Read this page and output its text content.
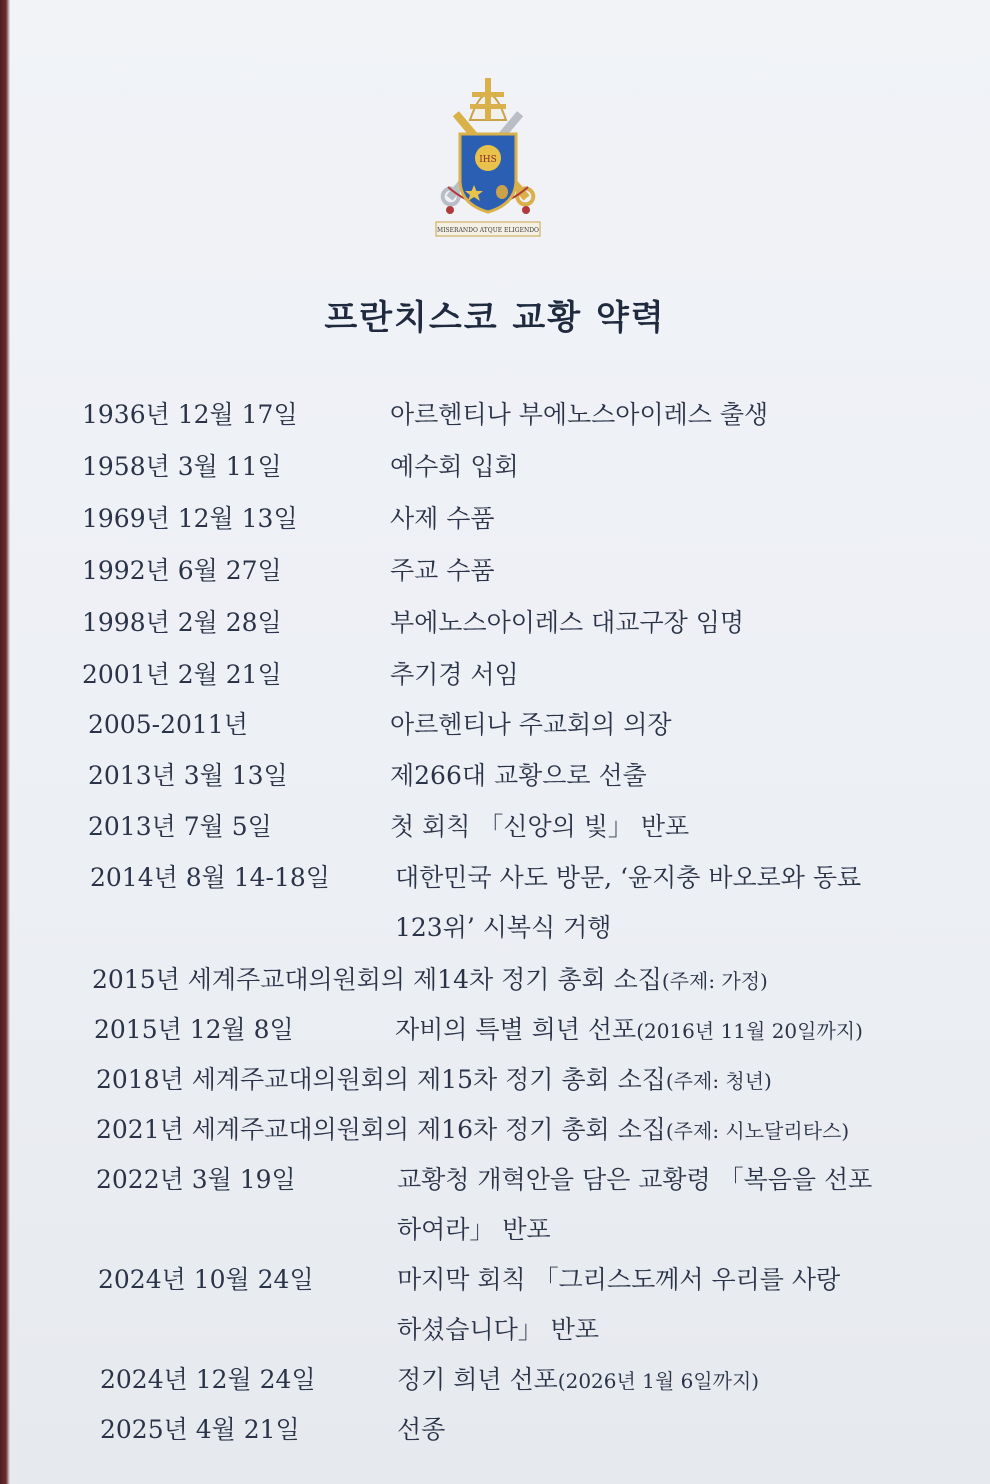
IHS
MISERANDO ATQUE ELIGENDO
프란치스코 교황 약력
1936년 12월 17일	아르헨티나 부에노스아이레스 출생
1958년 3월 11일	예수회 입회
1969년 12월 13일	사제 수품
1992년 6월 27일	주교 수품
1998년 2월 28일	부에노스아이레스 대교구장 임명
2001년 2월 21일	추기경 서임
2005-2011년	아르헨티나 주교회의 의장
2013년 3월 13일	제266대 교황으로 선출
2013년 7월 5일	첫 회칙 「신앙의 빛」 반포
2014년 8월 14-18일	대한민국 사도 방문, ‘윤지충 바오로와 동료
123위’ 시복식 거행
2015년 세계주교대의원회의 제14차 정기 총회 소집(주제: 가정)
2015년 12월 8일	자비의 특별 희년 선포(2016년 11월 20일까지)
2018년 세계주교대의원회의 제15차 정기 총회 소집(주제: 청년)
2021년 세계주교대의원회의 제16차 정기 총회 소집(주제: 시노달리타스)
2022년 3월 19일	교황청 개혁안을 담은 교황령 「복음을 선포
하여라」 반포
2024년 10월 24일	마지막 회칙 「그리스도께서 우리를 사랑
하셨습니다」 반포
2024년 12월 24일	정기 희년 선포(2026년 1월 6일까지)
2025년 4월 21일	선종
